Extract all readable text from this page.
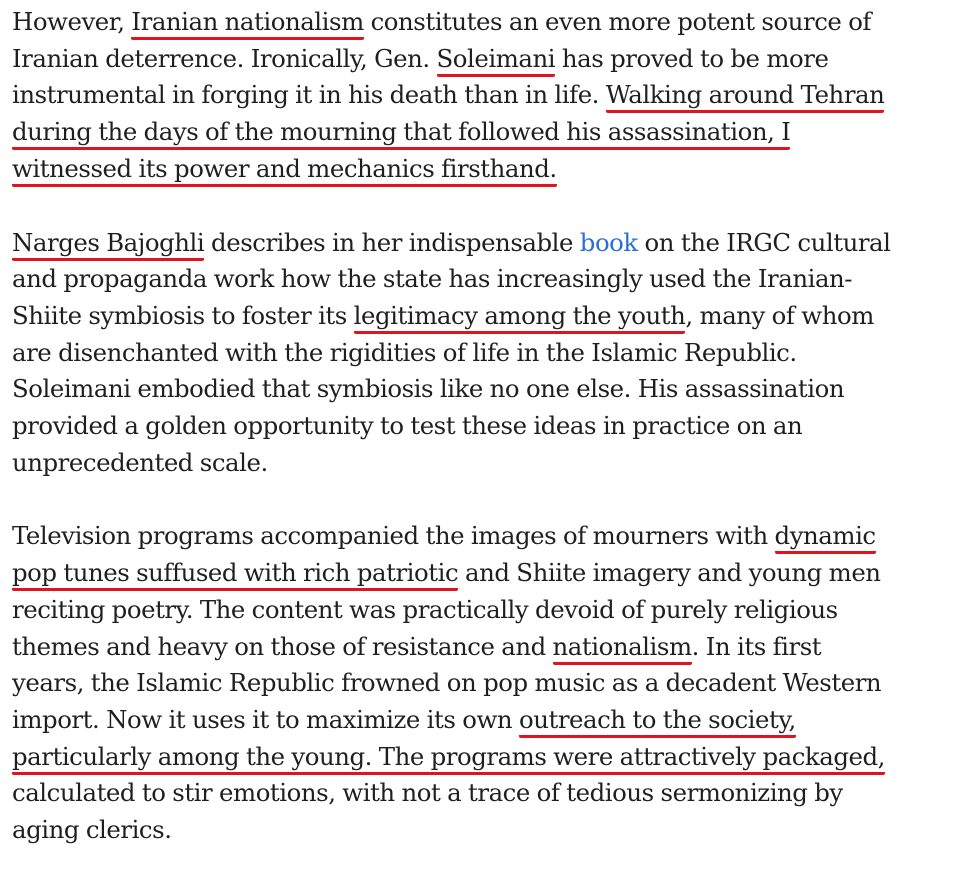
However, Iranian nationalism constitutes an even more potent source of
Iranian deterrence. Ironically, Gen. Soleimani has proved to be more
instrumental in forging it in his death than in life. Walking around Tehran
during the days of the mourning that followed his assassination, I
witnessed its power and mechanics firsthand.

Narges Bajoghli describes in her indispensable book on the IRGC cultural
and propaganda work how the state has increasingly used the Iranian-
Shiite symbiosis to foster its legitimacy among the youth, many of whom
are disenchanted with the rigidities of life in the Islamic Republic.
Soleimani embodied that symbiosis like no one else. His assassination
provided a golden opportunity to test these ideas in practice on an
unprecedented scale.

Television programs accompanied the images of mourners with dynamic
pop tunes suffused with rich patriotic and Shiite imagery and young men
reciting poetry. The content was practically devoid of purely religious
themes and heavy on those of resistance and nationalism. In its first
years, the Islamic Republic frowned on pop music as a decadent Western
import. Now it uses it to maximize its own outreach to the society,
particularly among the young. The programs were attractively packaged,
calculated to stir emotions, with not a trace of tedious sermonizing by
aging clerics.
